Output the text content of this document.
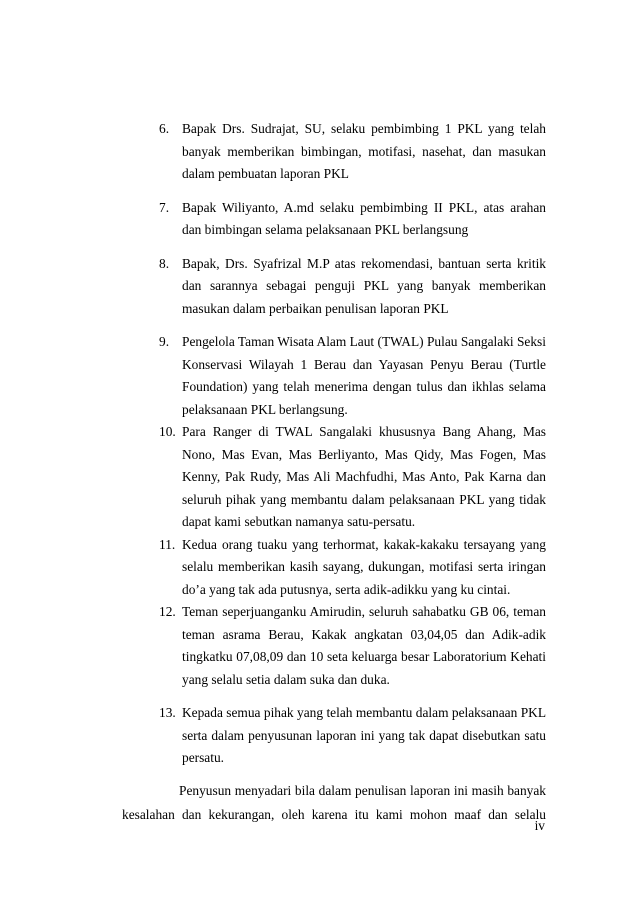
6. Bapak Drs. Sudrajat, SU, selaku pembimbing 1 PKL yang telah banyak memberikan bimbingan, motifasi, nasehat, dan masukan dalam pembuatan laporan PKL
7. Bapak Wiliyanto, A.md selaku pembimbing II PKL, atas arahan dan bimbingan selama pelaksanaan PKL berlangsung
8. Bapak, Drs. Syafrizal M.P atas rekomendasi, bantuan serta kritik dan sarannya sebagai penguji PKL yang banyak memberikan masukan dalam perbaikan penulisan laporan PKL
9. Pengelola Taman Wisata Alam Laut (TWAL) Pulau Sangalaki Seksi Konservasi Wilayah 1 Berau dan Yayasan Penyu Berau (Turtle Foundation) yang telah menerima dengan tulus dan ikhlas selama pelaksanaan PKL berlangsung.
10. Para Ranger di TWAL Sangalaki khususnya Bang Ahang, Mas Nono, Mas Evan, Mas Berliyanto, Mas Qidy, Mas Fogen, Mas Kenny, Pak Rudy, Mas Ali Machfudhi, Mas Anto, Pak Karna dan seluruh pihak yang membantu dalam pelaksanaan PKL yang tidak dapat kami sebutkan namanya satu-persatu.
11. Kedua orang tuaku yang terhormat, kakak-kakaku tersayang yang selalu memberikan kasih sayang, dukungan, motifasi serta iringan do’a yang tak ada putusnya, serta adik-adikku yang ku cintai.
12. Teman seperjuanganku Amirudin, seluruh sahabatku GB 06, teman teman asrama Berau, Kakak angkatan 03,04,05 dan Adik-adik tingkatku 07,08,09 dan 10 seta keluarga besar Laboratorium Kehati yang selalu setia dalam suka dan duka.
13. Kepada semua pihak yang telah membantu dalam pelaksanaan PKL serta dalam penyusunan laporan ini yang tak dapat disebutkan satu persatu.

Penyusun menyadari bila dalam penulisan laporan ini masih banyak kesalahan dan kekurangan, oleh karena itu kami mohon maaf dan selalu

iv
